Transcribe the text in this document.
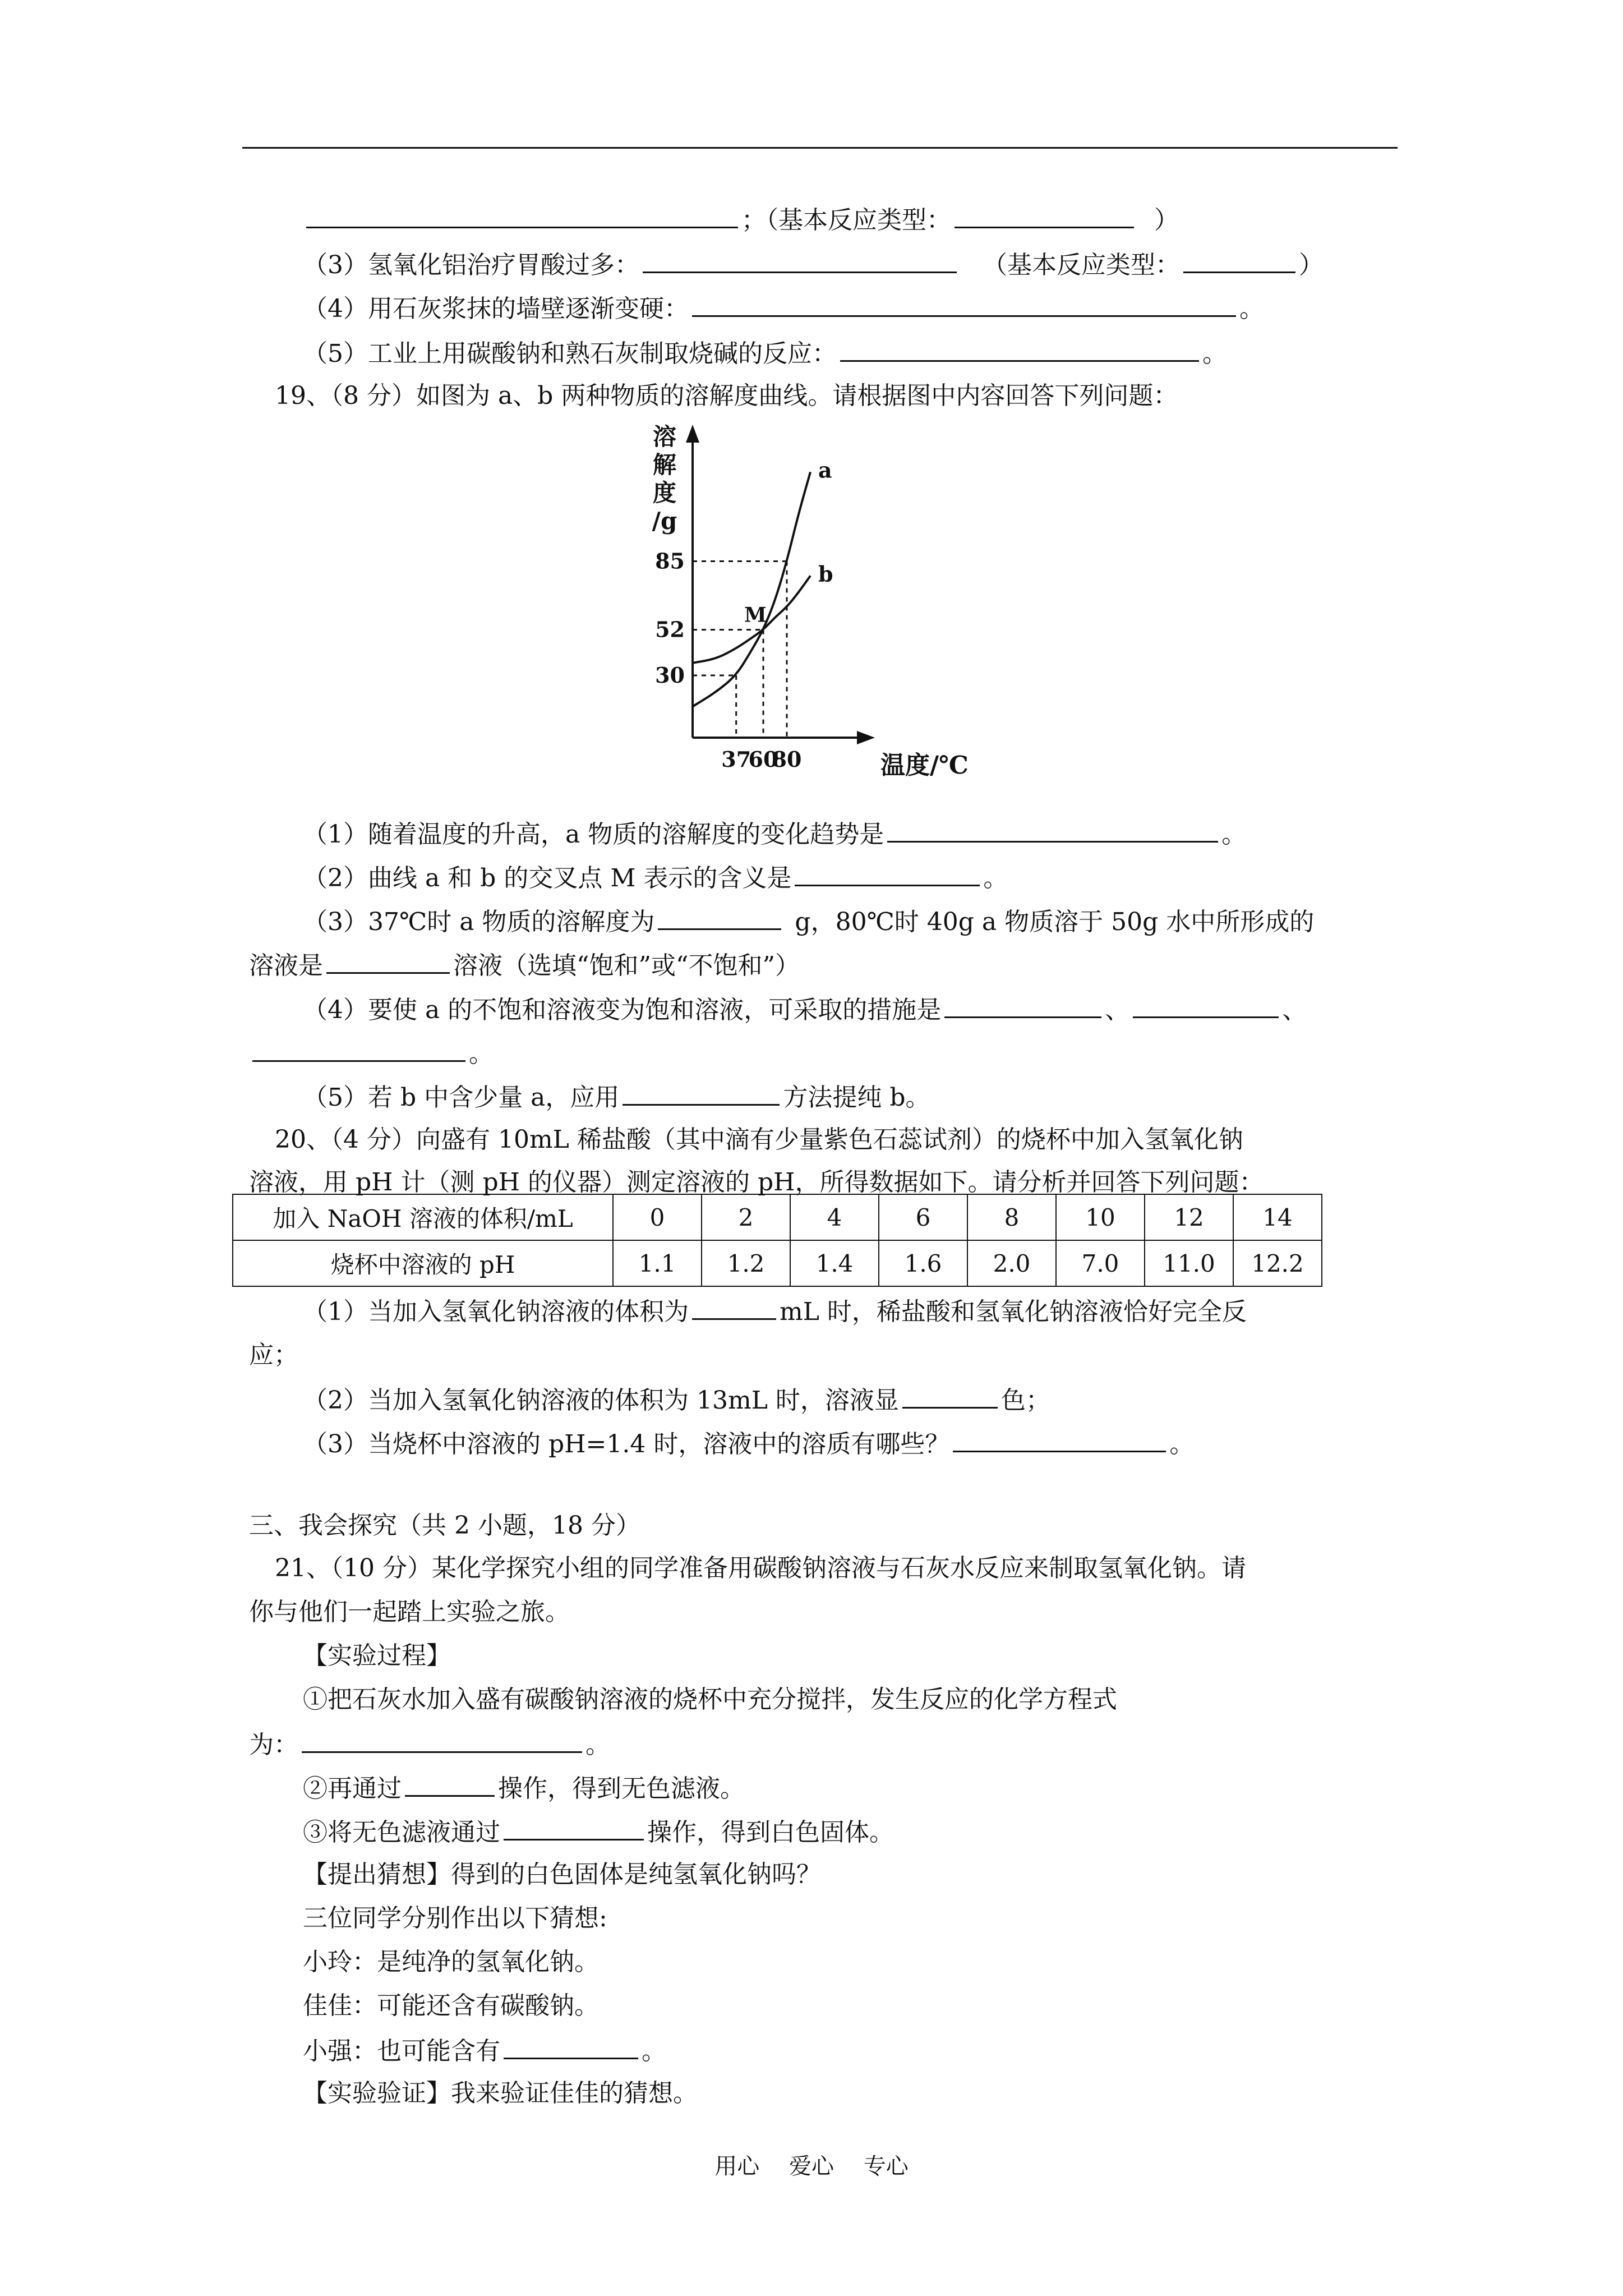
；（基本反应类型：	）
（3）氢氧化铝治疗胃酸过多：	（基本反应类型：	）
（4）用石灰浆抹的墙壁逐渐变硬：	。
（5）工业上用碳酸钠和熟石灰制取烧碱的反应：	。
19、（8 分）如图为 a、b 两种物质的溶解度曲线。请根据图中内容回答下列问题：
a
b
37
60
80
30
52
85
M
溶
解
度
/g
温度/℃
（1）随着温度的升高，a 物质的溶解度的变化趋势是	。
（2）曲线 a 和 b 的交叉点 M 表示的含义是	。
（3）37℃时 a 物质的溶解度为	g，80℃时 40g a 物质溶于 50g 水中所形成的
溶液是	溶液（选填“饱和”或“不饱和”）
（4）要使 a 的不饱和溶液变为饱和溶液，可采取的措施是	、	、
。
（5）若 b 中含少量 a，应用	方法提纯 b。
20、（4 分）向盛有 10mL 稀盐酸（其中滴有少量紫色石蕊试剂）的烧杯中加入氢氧化钠
溶液，用 pH 计（测 pH 的仪器）测定溶液的 pH，所得数据如下。请分析并回答下列问题：
加入 NaOH 溶液的体积/mL	0	2	4	6	8	10	12	14
烧杯中溶液的 pH	1.1	1.2	1.4	1.6	2.0	7.0	11.0	12.2
（1）当加入氢氧化钠溶液的体积为	mL 时，稀盐酸和氢氧化钠溶液恰好完全反
应；
（2）当加入氢氧化钠溶液的体积为 13mL 时，溶液显	色；
（3）当烧杯中溶液的 pH=1.4 时，溶液中的溶质有哪些？	。
三、我会探究（共 2 小题，18 分）
21、（10 分）某化学探究小组的同学准备用碳酸钠溶液与石灰水反应来制取氢氧化钠。请
你与他们一起踏上实验之旅。
【实验过程】
①把石灰水加入盛有碳酸钠溶液的烧杯中充分搅拌，发生反应的化学方程式
为：	。
②再通过	操作，得到无色滤液。
③将无色滤液通过	操作，得到白色固体。
【提出猜想】得到的白色固体是纯氢氧化钠吗？
三位同学分别作出以下猜想:
小玲：是纯净的氢氧化钠。
佳佳：可能还含有碳酸钠。
小强：也可能含有	。
【实验验证】我来验证佳佳的猜想。
用心 爱心 专心
